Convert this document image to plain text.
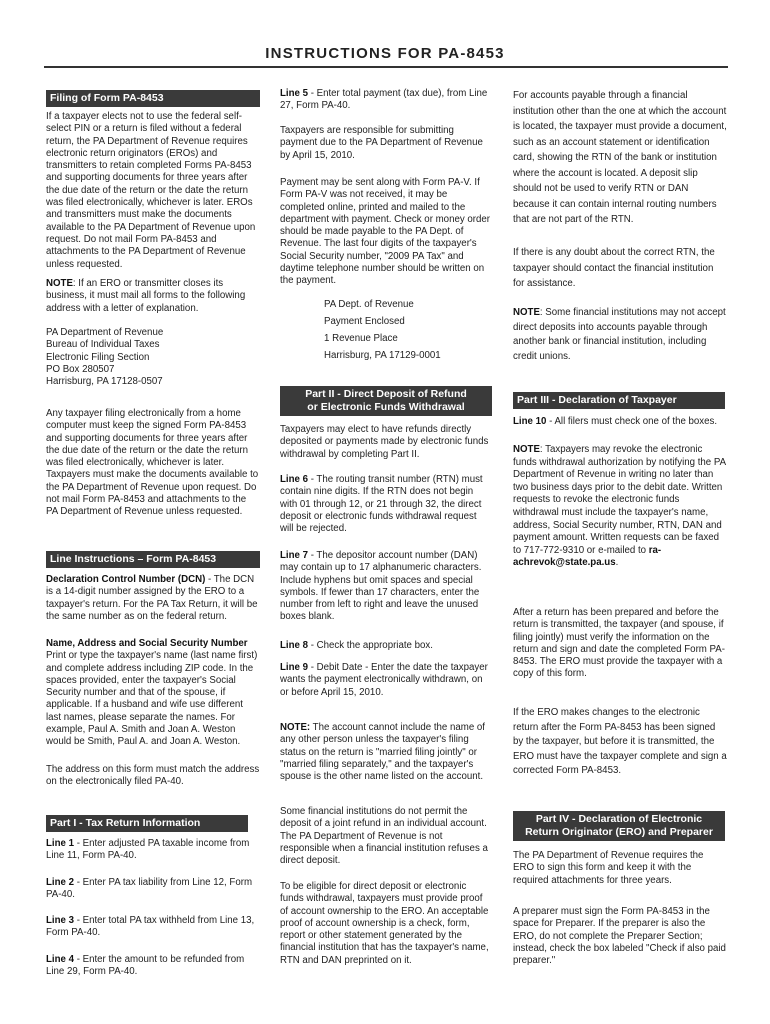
INSTRUCTIONS FOR PA-8453
Filing of Form PA-8453

If a taxpayer elects not to use the federal self-select PIN or a return is filed without a federal return, the PA Department of Revenue requires electronic return originators (EROs) and transmitters to retain completed Forms PA-8453 and supporting documents for three years after the due date of the return or the date the return was filed electronically, whichever is later. EROs and transmitters must make the documents available to the PA Department of Revenue upon request. Do not mail Form PA-8453 and attachments to the PA Department of Revenue unless requested.

NOTE: If an ERO or transmitter closes its business, it must mail all forms to the following address with a letter of explanation.

PA Department of Revenue

Bureau of Individual Taxes

Electronic Filing Section

PO Box 280507

Harrisburg, PA 17128-0507

Any taxpayer filing electronically from a home computer must keep the signed Form PA-8453 and supporting documents for three years after the due date of the return or the date the return was filed electronically, whichever is later. Taxpayers must make the documents available to the PA Department of Revenue upon request. Do not mail Form PA-8453 and attachments to the PA Department of Revenue unless requested.

Line Instructions – Form PA-8453

Declaration Control Number (DCN) - The DCN is a 14-digit number assigned by the ERO to a taxpayer's return. For the PA Tax Return, it will be the same number as on the federal return.

Name, Address and Social Security Number

Print or type the taxpayer's name (last name first) and complete address including ZIP code. In the spaces provided, enter the taxpayer's Social Security number and that of the spouse, if applicable. If a husband and wife use different last names, please separate the names. For example, Paul A. Smith and Joan A. Weston would be Smith, Paul A. and Joan A. Weston.

The address on this form must match the address on the electronically filed PA-40.

Part I - Tax Return Information

Line 1 - Enter adjusted PA taxable income from Line 11, Form PA-40.

Line 2 - Enter PA tax liability from Line 12, Form PA-40.

Line 3 - Enter total PA tax withheld from Line 13, Form PA-40.

Line 4 - Enter the amount to be refunded from Line 29, Form PA-40.

Line 5 - Enter total payment (tax due), from Line 27, Form PA-40.

Taxpayers are responsible for submitting payment due to the PA Department of Revenue by April 15, 2010.

Payment may be sent along with Form PA-V. If Form PA-V was not received, it may be completed online, printed and mailed to the department with payment. Check or money order should be made payable to the PA Dept. of Revenue. The last four digits of the taxpayer's Social Security number, "2009 PA Tax" and daytime telephone number should be written on the payment.

PA Dept. of Revenue

Payment Enclosed

1 Revenue Place

Harrisburg, PA 17129-0001

Part II - Direct Deposit of Refund
or Electronic Funds Withdrawal

Taxpayers may elect to have refunds directly deposited or payments made by electronic funds withdrawal by completing Part II.

Line 6 - The routing transit number (RTN) must contain nine digits. If the RTN does not begin with 01 through 12, or 21 through 32, the direct deposit or electronic funds withdrawal request will be rejected.

Line 7 - The depositor account number (DAN) may contain up to 17 alphanumeric characters. Include hyphens but omit spaces and special symbols. If fewer than 17 characters, enter the number from left to right and leave the unused boxes blank.

Line 8 - Check the appropriate box.

Line 9 - Debit Date - Enter the date the taxpayer wants the payment electronically withdrawn, on or before April 15, 2010.

NOTE: The account cannot include the name of any other person unless the taxpayer's filing status on the return is "married filing jointly" or "married filing separately," and the taxpayer's spouse is the other name listed on the account.

Some financial institutions do not permit the deposit of a joint refund in an individual account. The PA Department of Revenue is not responsible when a financial institution refuses a direct deposit.

To be eligible for direct deposit or electronic funds withdrawal, taxpayers must provide proof of account ownership to the ERO. An acceptable proof of account ownership is a check, form, report or other statement generated by the financial institution that has the taxpayer's name, RTN and DAN preprinted on it.

For accounts payable through a financial institution other than the one at which the account is located, the taxpayer must provide a document, such as an account statement or identification card, showing the RTN of the bank or institution where the account is located. A deposit slip should not be used to verify RTN or DAN because it can contain internal routing numbers that are not part of the RTN.

If there is any doubt about the correct RTN, the taxpayer should contact the financial institution for assistance.

NOTE: Some financial institutions may not accept direct deposits into accounts payable through another bank or financial institution, including credit unions.

Part III - Declaration of Taxpayer

Line 10 - All filers must check one of the boxes.

NOTE: Taxpayers may revoke the electronic funds withdrawal authorization by notifying the PA Department of Revenue in writing no later than two business days prior to the debit date. Written requests to revoke the electronic funds withdrawal must include the taxpayer's name, address, Social Security number, RTN, DAN and payment amount. Written requests can be faxed to 717-772-9310 or e-mailed to ra-achrevok@state.pa.us.

After a return has been prepared and before the return is transmitted, the taxpayer (and spouse, if filing jointly) must verify the information on the return and sign and date the completed Form PA-8453. The ERO must provide the taxpayer with a copy of this form.

If the ERO makes changes to the electronic return after the Form PA-8453 has been signed by the taxpayer, but before it is transmitted, the ERO must have the taxpayer complete and sign a corrected Form PA-8453.

Part IV - Declaration of Electronic
Return Originator (ERO) and Preparer

The PA Department of Revenue requires the ERO to sign this form and keep it with the required attachments for three years.

A preparer must sign the Form PA-8453 in the space for Preparer. If the preparer is also the ERO, do not complete the Preparer Section; instead, check the box labeled "Check if also paid preparer."
